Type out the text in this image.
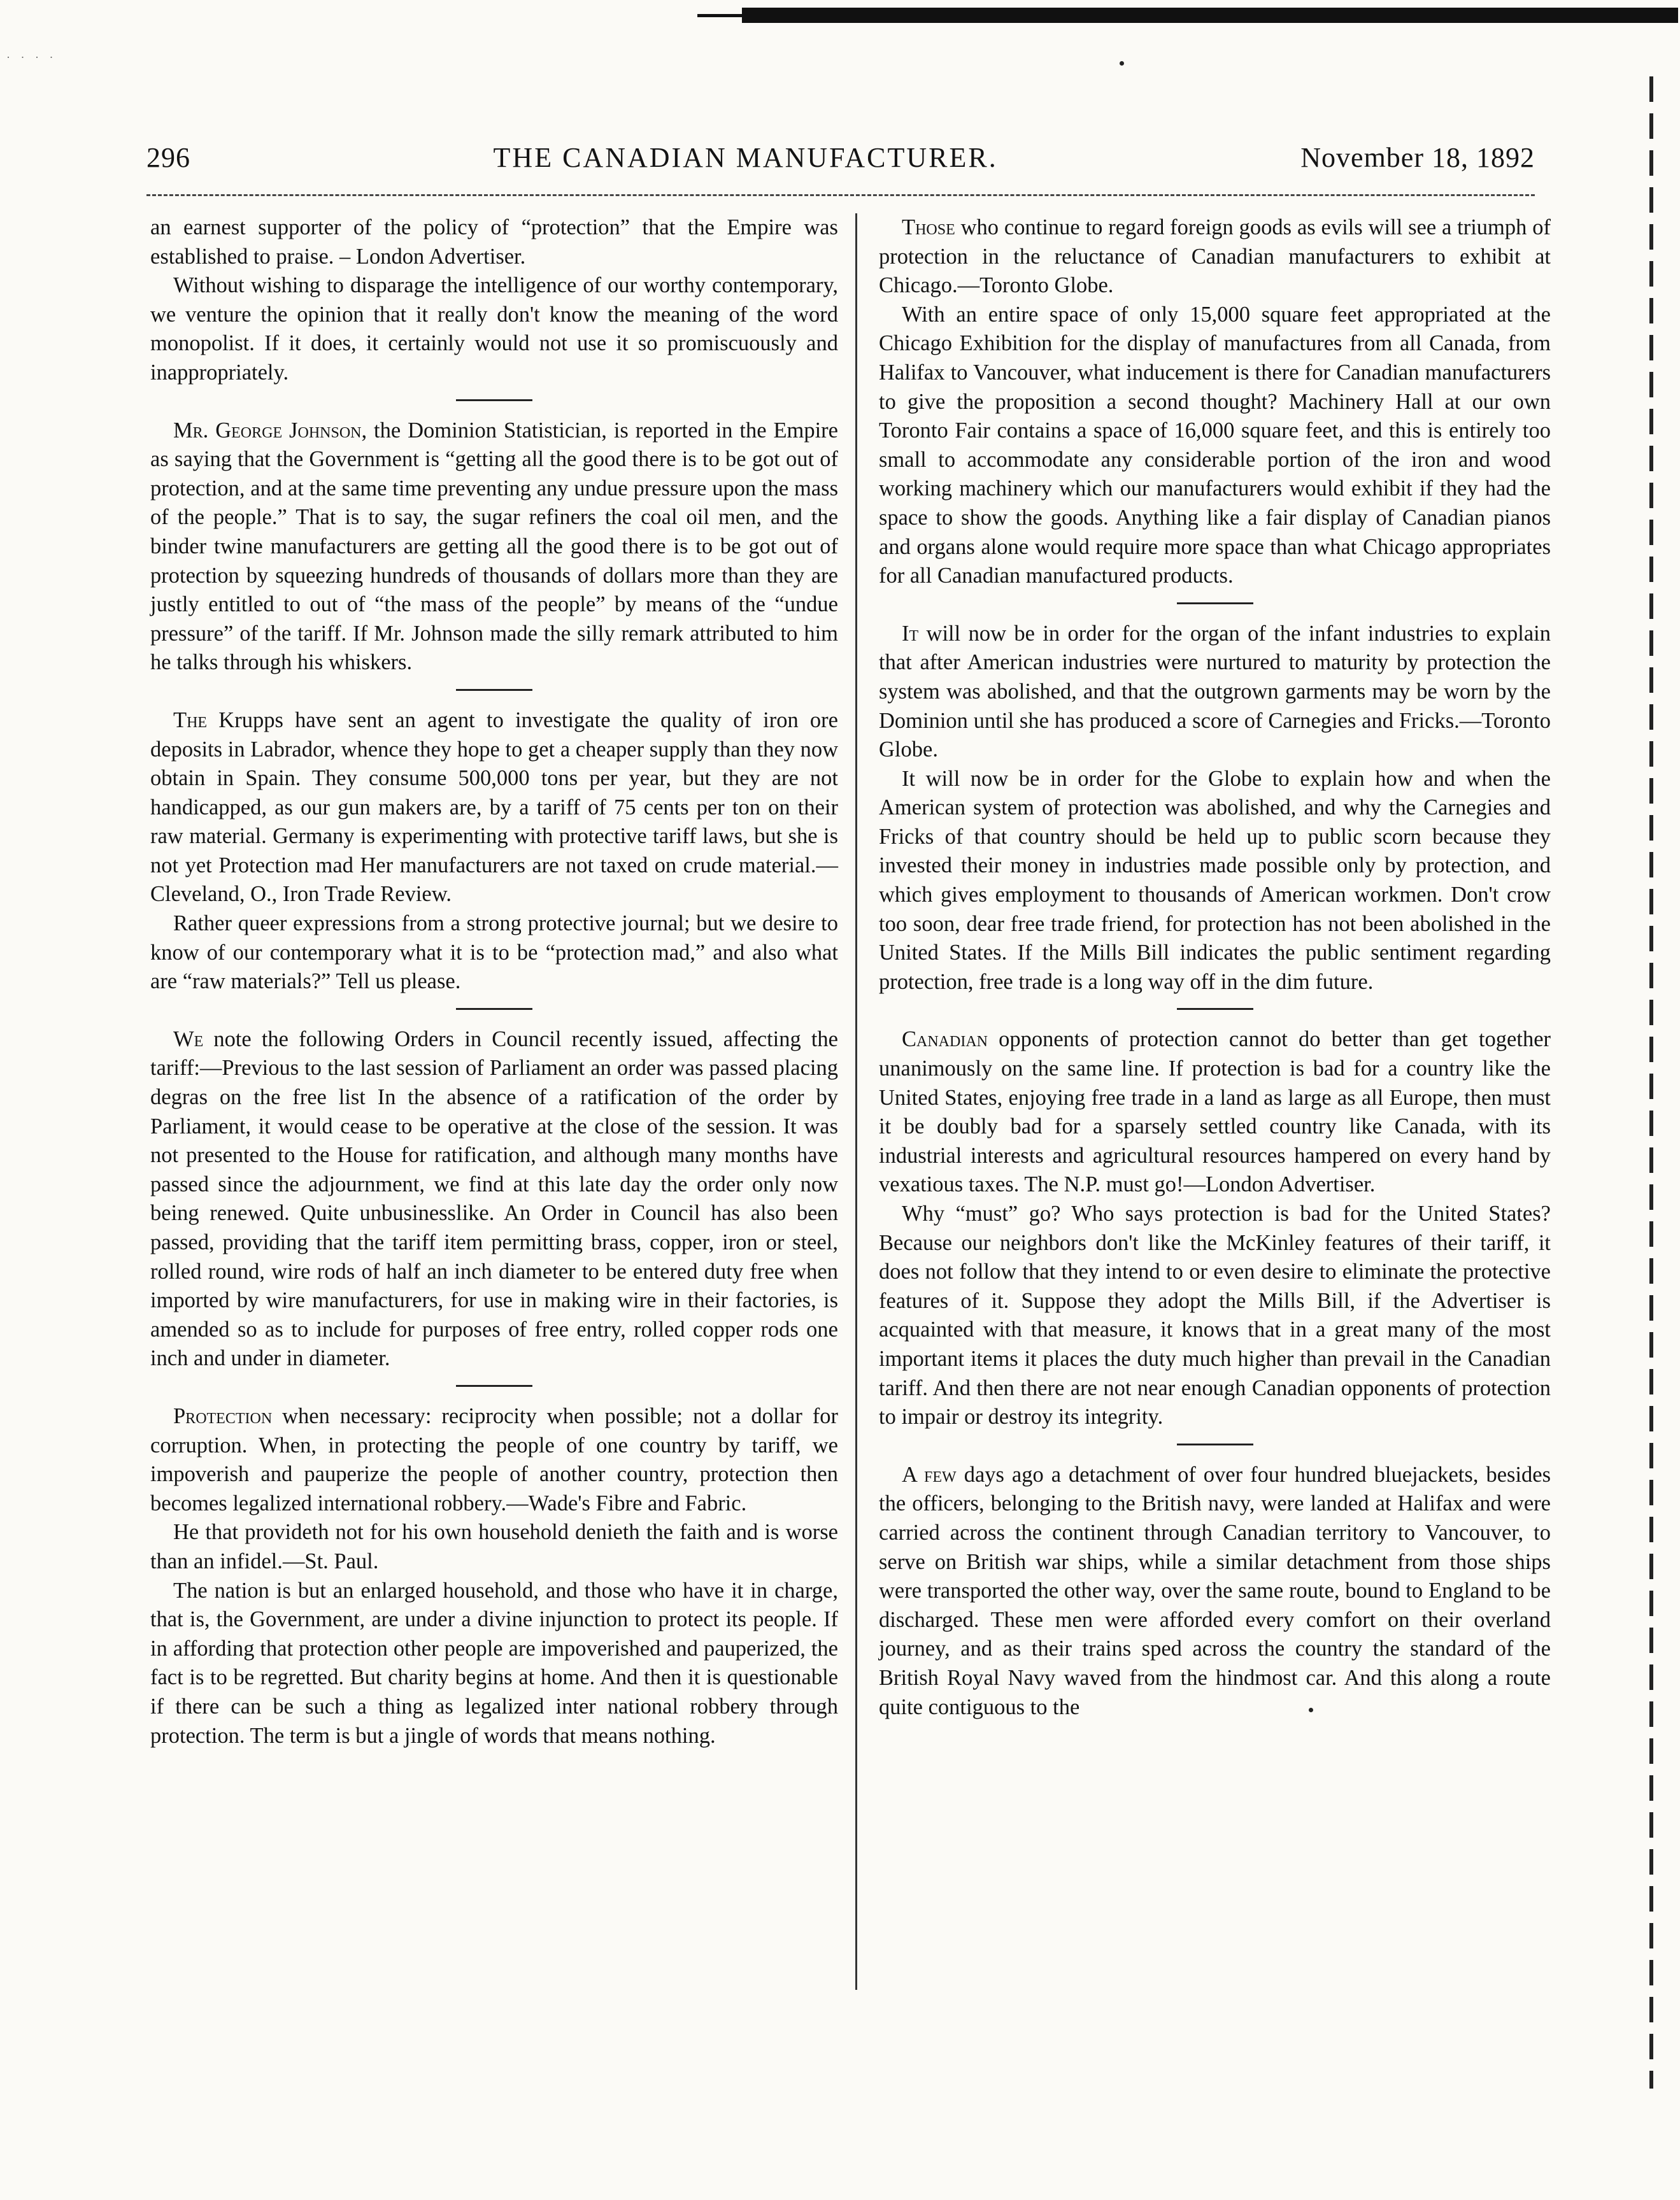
· · · ·
296	THE CANADIAN MANUFACTURER.	November 18, 1892

an earnest supporter of the policy of “protection” that the Empire was established to praise. – London Advertiser.

Without wishing to disparage the intelligence of our worthy contemporary, we venture the opinion that it really don't know the meaning of the word monopolist. If it does, it certainly would not use it so promiscuously and inappropriately.

Mr. George Johnson, the Dominion Statistician, is reported in the Empire as saying that the Government is “getting all the good there is to be got out of protection, and at the same time preventing any undue pressure upon the mass of the people.” That is to say, the sugar refiners the coal oil men, and the binder twine manufacturers are getting all the good there is to be got out of protection by squeezing hundreds of thousands of dollars more than they are justly entitled to out of “the mass of the people” by means of the “undue pressure” of the tariff. If Mr. Johnson made the silly remark attributed to him he talks through his whiskers.

The Krupps have sent an agent to investigate the quality of iron ore deposits in Labrador, whence they hope to get a cheaper supply than they now obtain in Spain. They consume 500,000 tons per year, but they are not handicapped, as our gun makers are, by a tariff of 75 cents per ton on their raw material. Germany is experimenting with protective tariff laws, but she is not yet Protection mad Her manufacturers are not taxed on crude material.—Cleveland, O., Iron Trade Review.

Rather queer expressions from a strong protective journal; but we desire to know of our contemporary what it is to be “protection mad,” and also what are “raw materials?” Tell us please.

We note the following Orders in Council recently issued, affecting the tariff:—Previous to the last session of Parliament an order was passed placing degras on the free list In the absence of a ratification of the order by Parliament, it would cease to be operative at the close of the session. It was not presented to the House for ratification, and although many months have passed since the adjournment, we find at this late day the order only now being renewed. Quite unbusinesslike. An Order in Council has also been passed, providing that the tariff item permitting brass, copper, iron or steel, rolled round, wire rods of half an inch diameter to be entered duty free when imported by wire manufacturers, for use in making wire in their factories, is amended so as to include for purposes of free entry, rolled copper rods one inch and under in diameter.

Protection when necessary: reciprocity when possible; not a dollar for corruption. When, in protecting the people of one country by tariff, we impoverish and pauperize the people of another country, protection then becomes legalized international robbery.—Wade's Fibre and Fabric.

He that provideth not for his own household denieth the faith and is worse than an infidel.—St. Paul.

The nation is but an enlarged household, and those who have it in charge, that is, the Government, are under a divine injunction to protect its people. If in affording that protection other people are impoverished and pauperized, the fact is to be regretted. But charity begins at home. And then it is questionable if there can be such a thing as legalized inter national robbery through protection. The term is but a jingle of words that means nothing.

Those who continue to regard foreign goods as evils will see a triumph of protection in the reluctance of Canadian manufacturers to exhibit at Chicago.—Toronto Globe.

With an entire space of only 15,000 square feet appropriated at the Chicago Exhibition for the display of manufactures from all Canada, from Halifax to Vancouver, what inducement is there for Canadian manufacturers to give the proposition a second thought? Machinery Hall at our own Toronto Fair contains a space of 16,000 square feet, and this is entirely too small to accommodate any considerable portion of the iron and wood working machinery which our manufacturers would exhibit if they had the space to show the goods. Anything like a fair display of Canadian pianos and organs alone would require more space than what Chicago appropriates for all Canadian manufactured products.

It will now be in order for the organ of the infant industries to explain that after American industries were nurtured to maturity by protection the system was abolished, and that the outgrown garments may be worn by the Dominion until she has produced a score of Carnegies and Fricks.—Toronto Globe.

It will now be in order for the Globe to explain how and when the American system of protection was abolished, and why the Carnegies and Fricks of that country should be held up to public scorn because they invested their money in industries made possible only by protection, and which gives employment to thousands of American workmen. Don't crow too soon, dear free trade friend, for protection has not been abolished in the United States. If the Mills Bill indicates the public sentiment regarding protection, free trade is a long way off in the dim future.

Canadian opponents of protection cannot do better than get together unanimously on the same line. If protection is bad for a country like the United States, enjoying free trade in a land as large as all Europe, then must it be doubly bad for a sparsely settled country like Canada, with its industrial interests and agricultural resources hampered on every hand by vexatious taxes. The N.P. must go!—London Advertiser.

Why “must” go? Who says protection is bad for the United States? Because our neighbors don't like the McKinley features of their tariff, it does not follow that they intend to or even desire to eliminate the protective features of it. Suppose they adopt the Mills Bill, if the Advertiser is acquainted with that measure, it knows that in a great many of the most important items it places the duty much higher than prevail in the Canadian tariff. And then there are not near enough Canadian opponents of protection to impair or destroy its integrity.

A few days ago a detachment of over four hundred bluejackets, besides the officers, belonging to the British navy, were landed at Halifax and were carried across the continent through Canadian territory to Vancouver, to serve on British war ships, while a similar detachment from those ships were transported the other way, over the same route, bound to England to be discharged. These men were afforded every comfort on their overland journey, and as their trains sped across the country the standard of the British Royal Navy waved from the hindmost car. And this along a route quite contiguous to the
